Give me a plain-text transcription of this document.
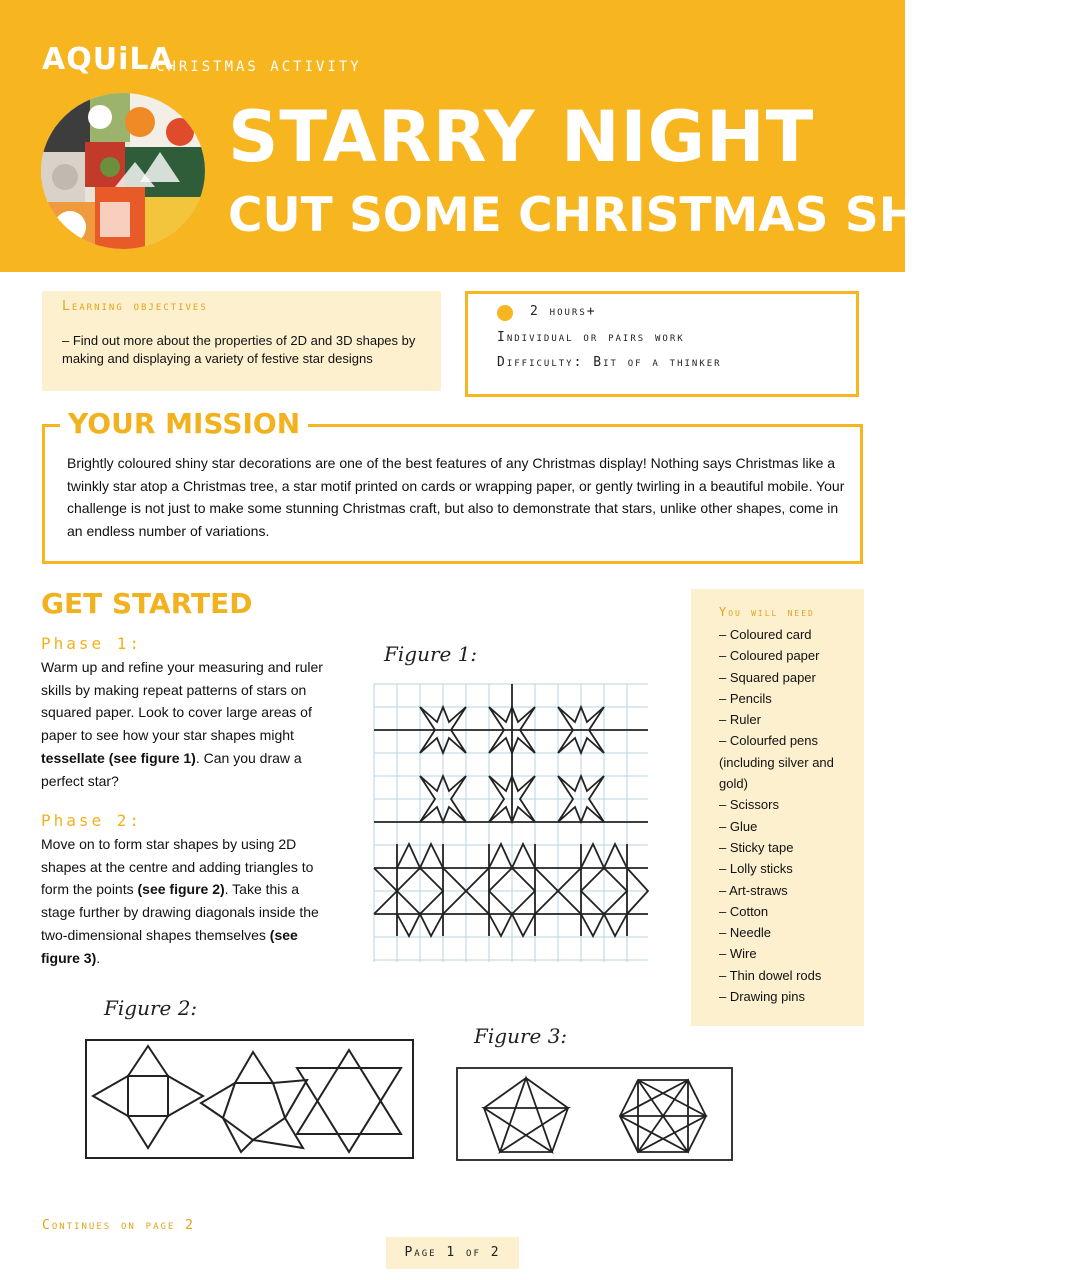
AQUiLA
CHRISTMAS ACTIVITY
STARRY NIGHT
CUT SOME CHRISTMAS SHAPES!
Learning objectives
– Find out more about the properties of 2D and 3D shapes by making and displaying a variety of festive star designs
2 hours+
Individual or pairs work
Difficulty: Bit of a thinker
YOUR MISSION
Brightly coloured shiny star decorations are one of the best features of any Christmas display! Nothing says Christmas like a twinkly star atop a Christmas tree, a star motif printed on cards or wrapping paper, or gently twirling in a beautiful mobile. Your challenge is not just to make some stunning Christmas craft, but also to demonstrate that stars, unlike other shapes, come in an endless number of variations.
GET STARTED
Phase 1:
Warm up and refine your measuring and ruler skills by making repeat patterns of stars on squared paper. Look to cover large areas of paper to see how your star shapes might tessellate (see figure 1). Can you draw a perfect star?
Phase 2:
Move on to form star shapes by using 2D shapes at the centre and adding triangles to form the points (see figure 2). Take this a stage further by drawing diagonals inside the two-dimensional shapes themselves (see figure 3).
Figure 1:
You will need
– Coloured card
– Coloured paper
– Squared paper
– Pencils
– Ruler
– Colourfed pens (including silver and gold)
– Scissors
– Glue
– Sticky tape
– Lolly sticks
– Art-straws
– Cotton
– Needle
– Wire
– Thin dowel rods
– Drawing pins
Figure 2:
Figure 3:
Continues on page 2
Page 1 of 2
